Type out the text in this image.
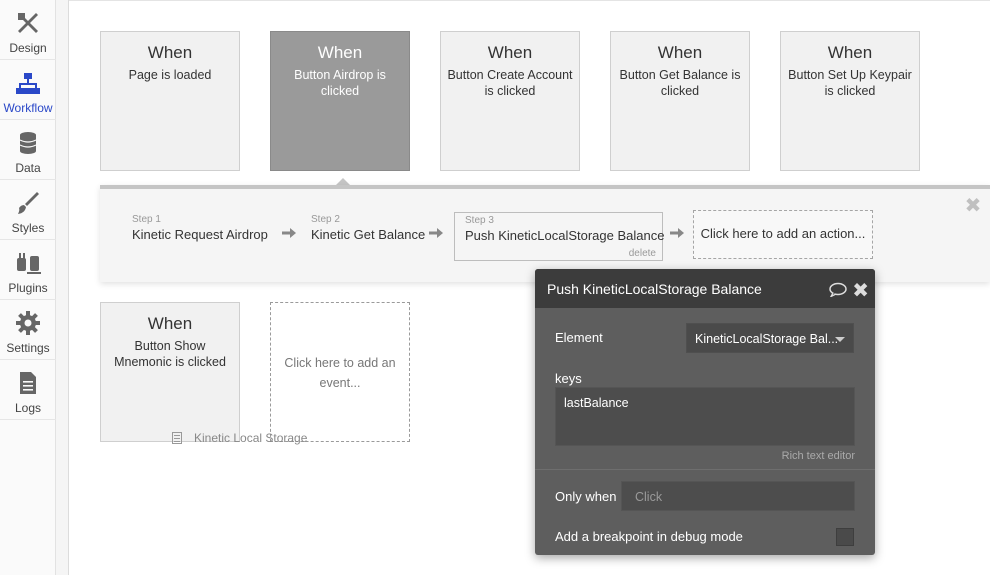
Design
Workflow
Data
Styles
Plugins
Settings
Logs
When
Page is loaded
When
Button Airdrop is clicked
When
Button Create Account is clicked
When
Button Get Balance is clicked
When
Button Set Up Keypair is clicked
✖
Step 1
Kinetic Request Airdrop
Step 2
Kinetic Get Balance
Step 3
Push KineticLocalStorage Balance
delete
Click here to add an action...
When
Button Show Mnemonic is clicked	Click here to add an event...
Kinetic Local Storage
Push KineticLocalStorage Balance	✖
Element	KineticLocalStorage Bal...
keys
lastBalance
Rich text editor
Only when	Click
Add a breakpoint in debug mode
